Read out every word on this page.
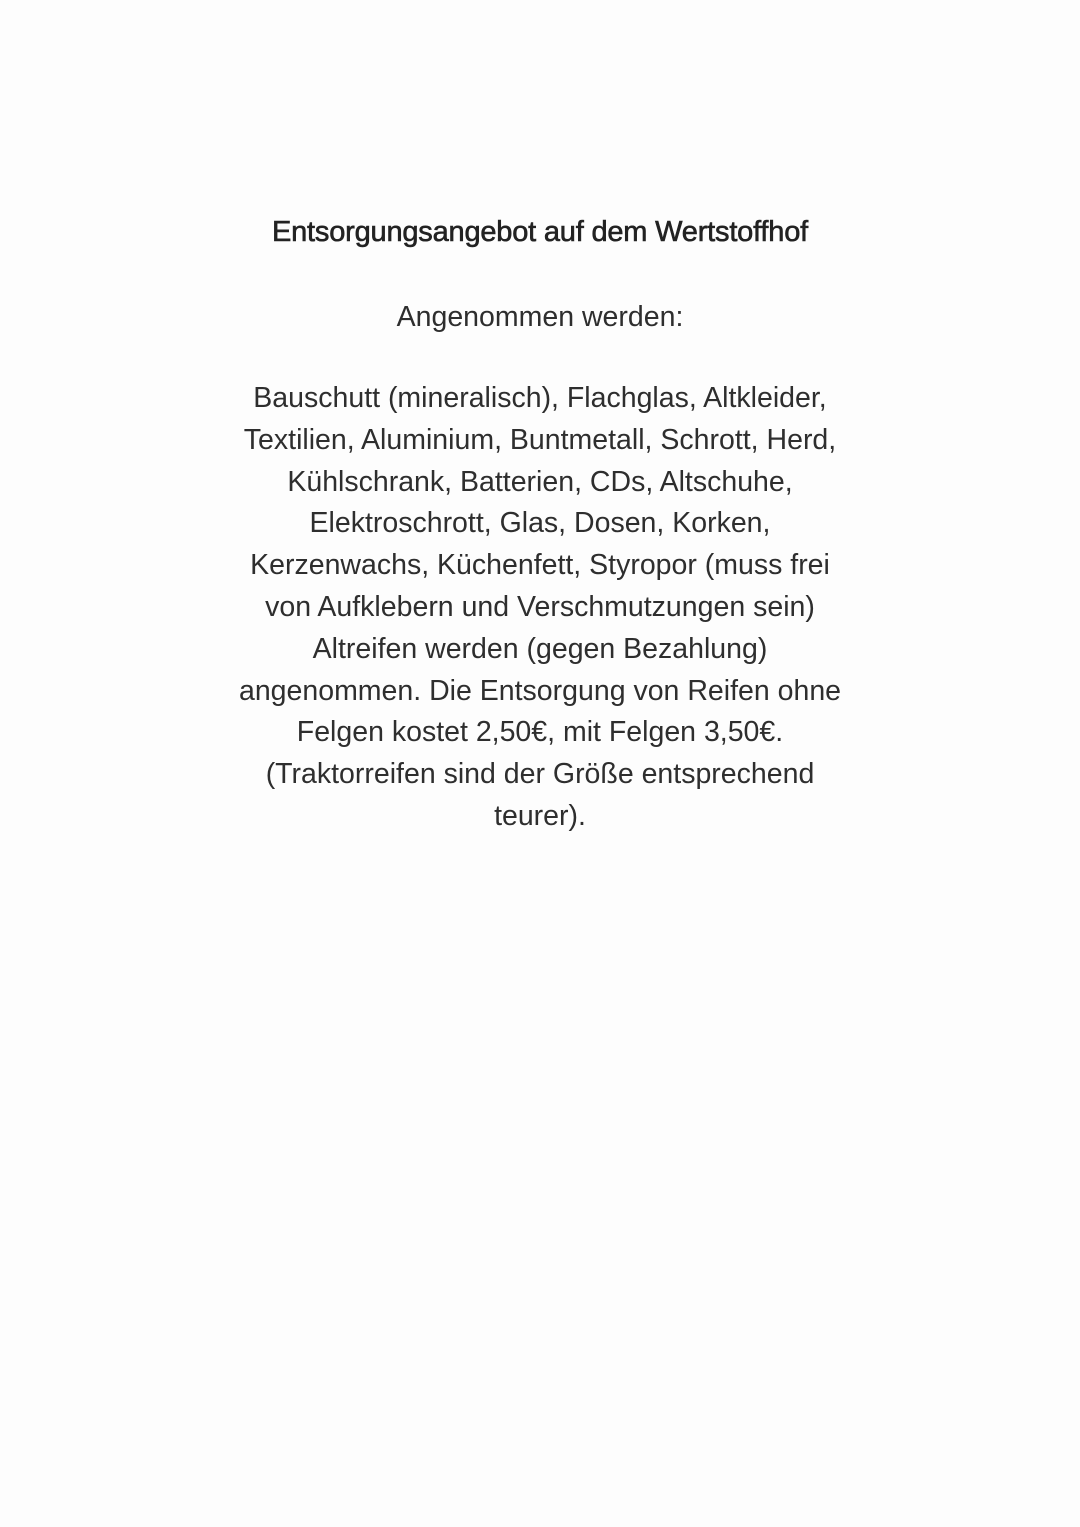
Entsorgungsangebot auf dem Wertstoffhof

Angenommen werden:

Bauschutt (mineralisch), Flachglas, Altkleider,
Textilien, Aluminium, Buntmetall, Schrott, Herd,
Kühlschrank, Batterien, CDs, Altschuhe,
Elektroschrott, Glas, Dosen, Korken,
Kerzenwachs, Küchenfett, Styropor (muss frei
von Aufklebern und Verschmutzungen sein)
Altreifen werden (gegen Bezahlung)
angenommen. Die Entsorgung von Reifen ohne
Felgen kostet 2,50€, mit Felgen 3,50€.
(Traktorreifen sind der Größe entsprechend
teurer).
